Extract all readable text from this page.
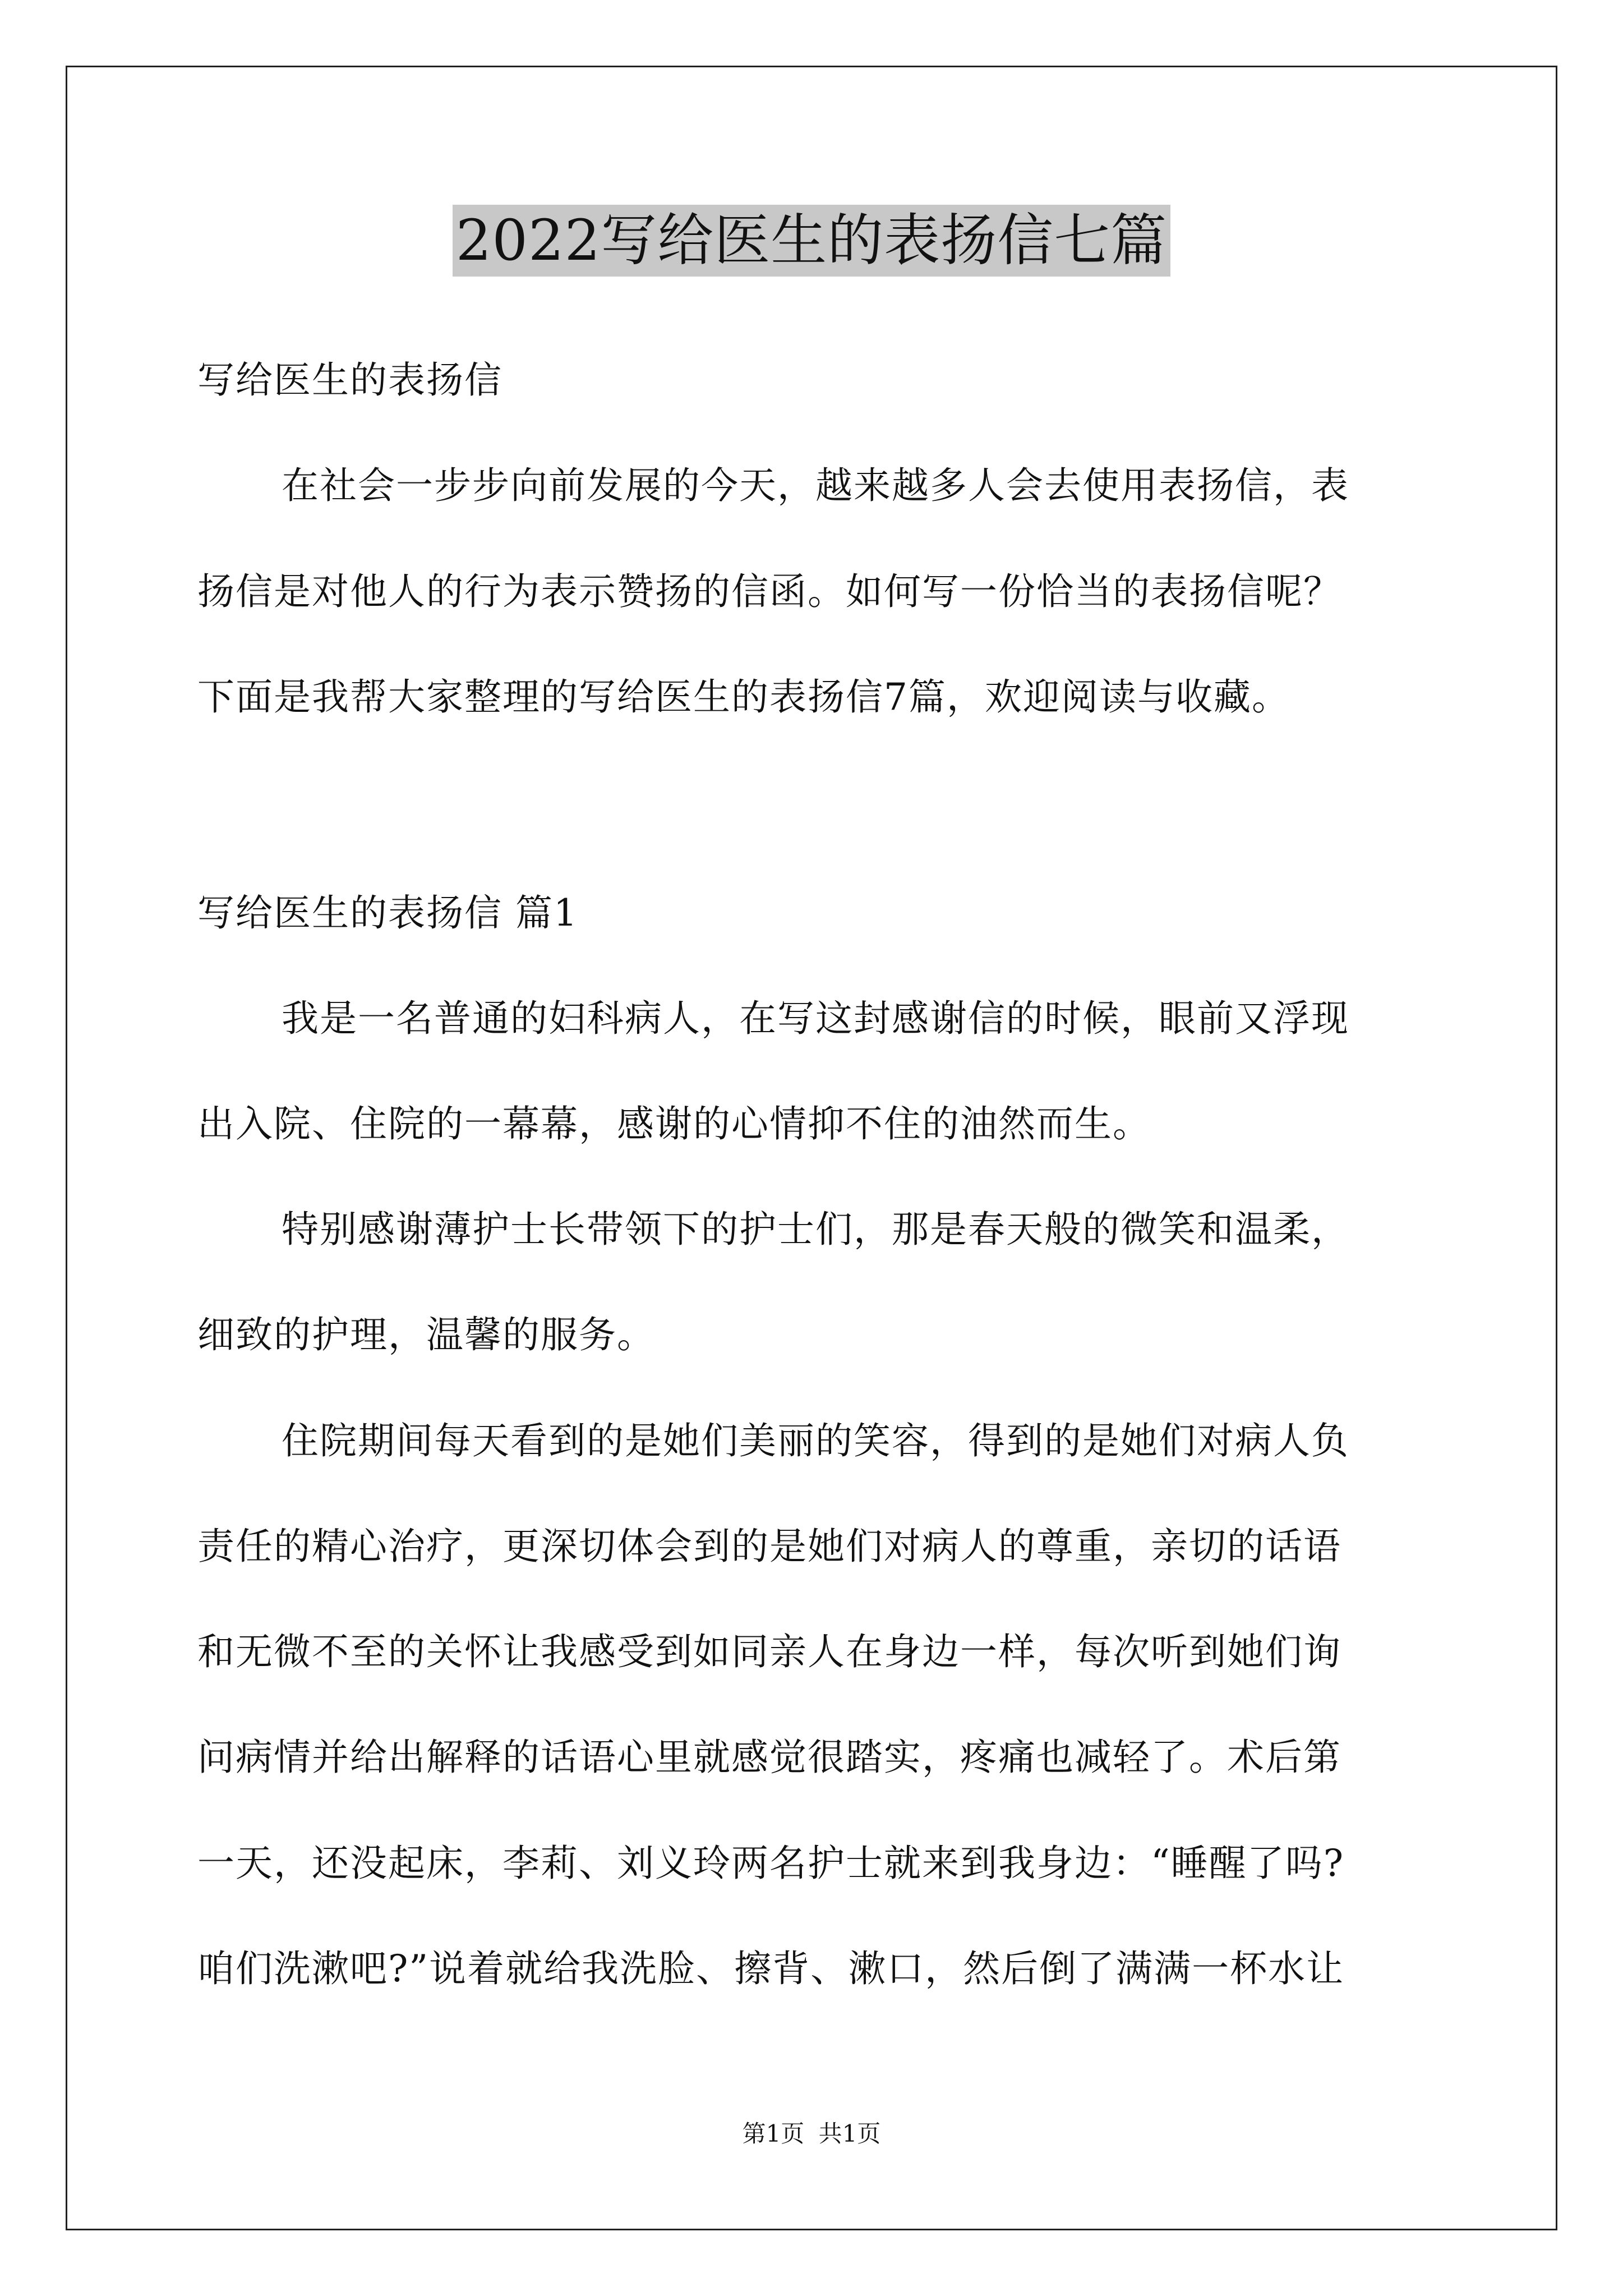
2022写给医生的表扬信七篇
写给医生的表扬信
在社会一步步向前发展的今天，越来越多人会去使用表扬信，表
扬信是对他人的行为表示赞扬的信函。如何写一份恰当的表扬信呢？
下面是我帮大家整理的写给医生的表扬信7篇，欢迎阅读与收藏。
写给医生的表扬信 篇1
我是一名普通的妇科病人，在写这封感谢信的时候，眼前又浮现
出入院、住院的一幕幕，感谢的心情抑不住的油然而生。
特别感谢薄护士长带领下的护士们，那是春天般的微笑和温柔，
细致的护理，温馨的服务。
住院期间每天看到的是她们美丽的笑容，得到的是她们对病人负
责任的精心治疗，更深切体会到的是她们对病人的尊重，亲切的话语
和无微不至的关怀让我感受到如同亲人在身边一样，每次听到她们询
问病情并给出解释的话语心里就感觉很踏实，疼痛也减轻了。术后第
一天，还没起床，李莉、刘义玲两名护士就来到我身边：“睡醒了吗?
咱们洗漱吧?”说着就给我洗脸、擦背、漱口，然后倒了满满一杯水让
第1页 共1页
